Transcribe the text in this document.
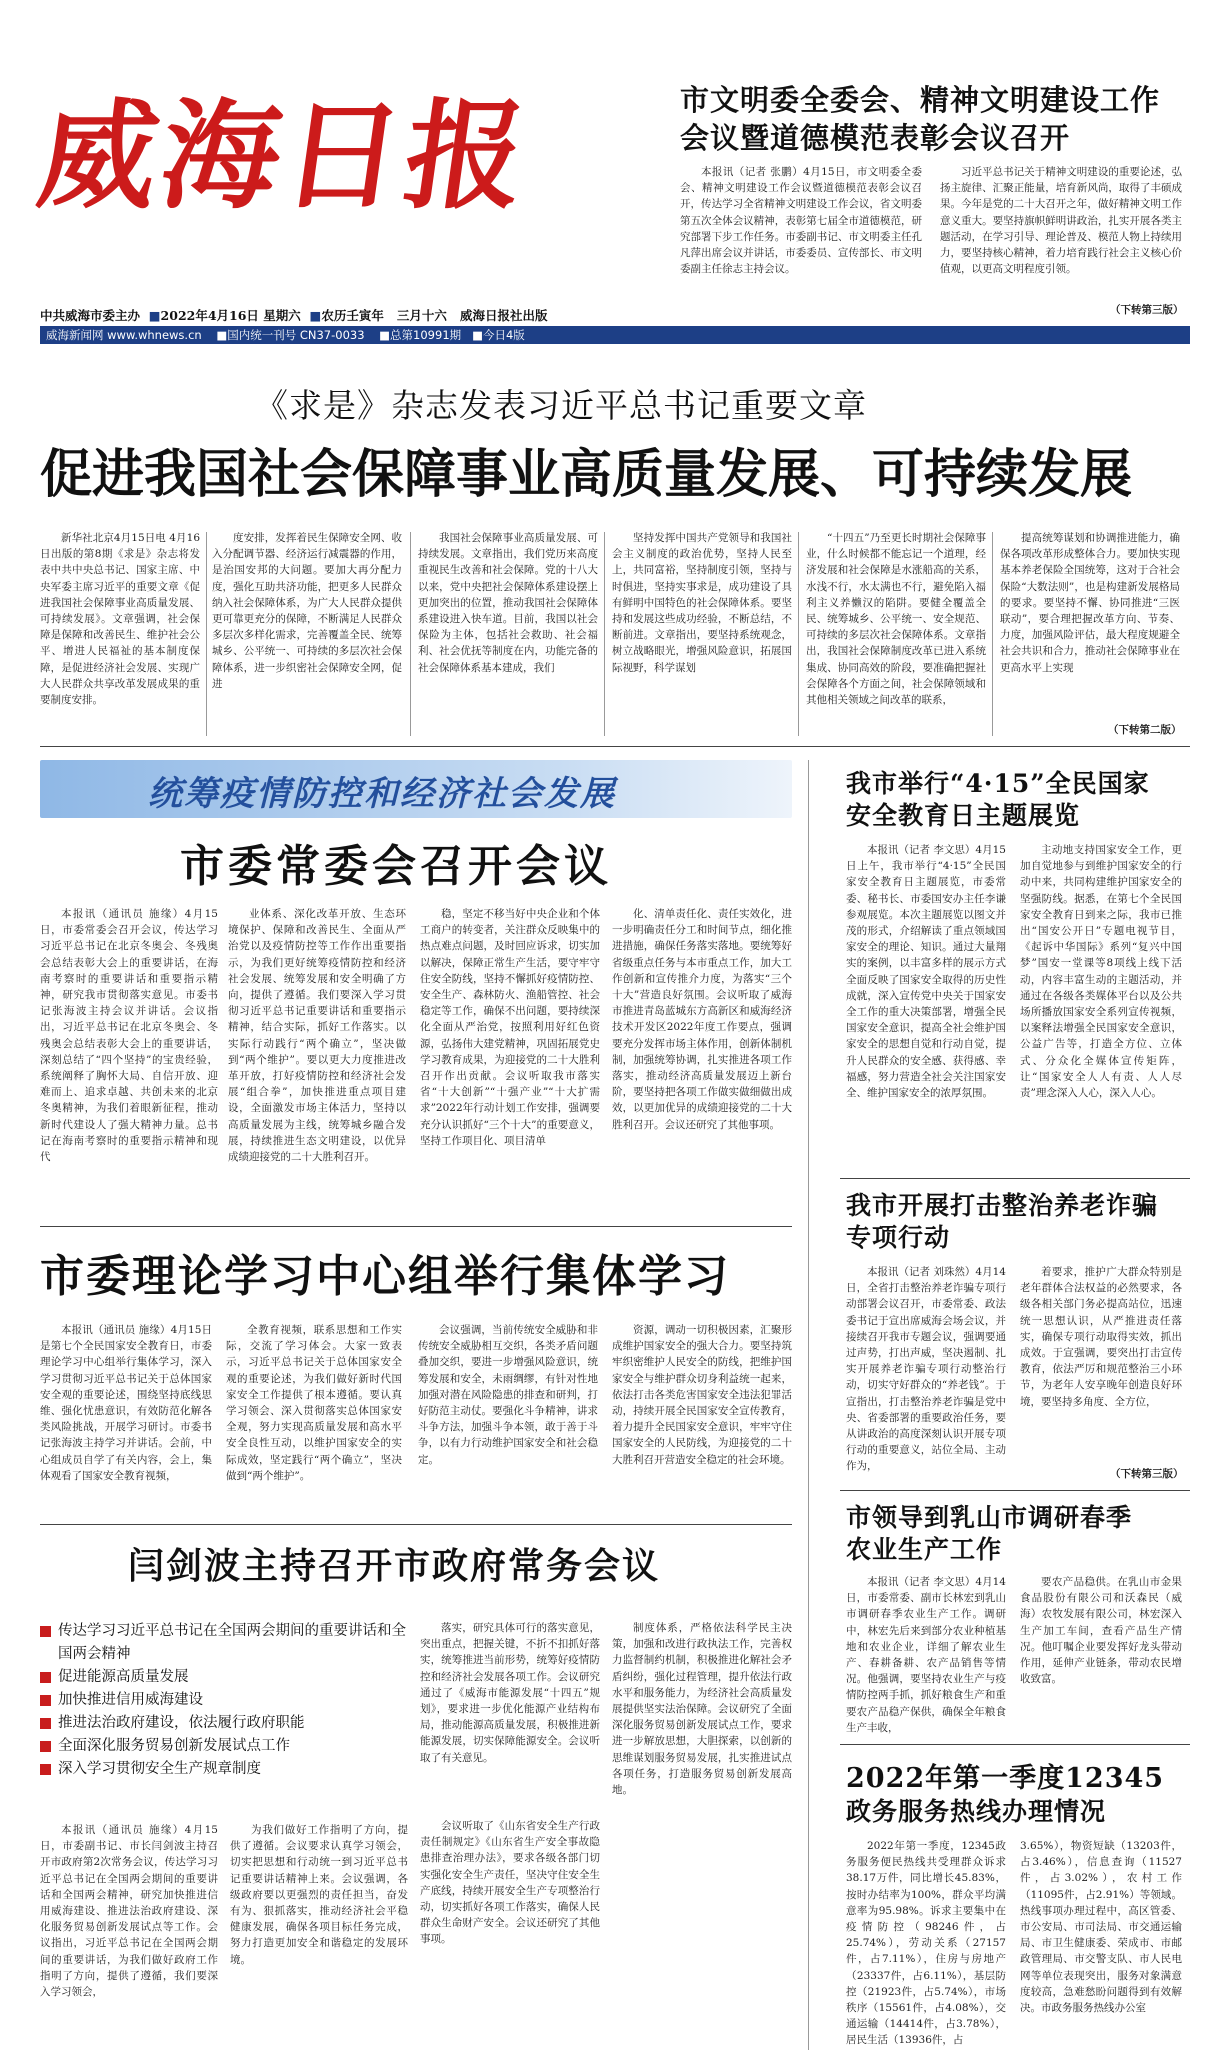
威海日报
中共威海市委主办  ■2022年4月16日 星期六  ■农历壬寅年 三月十六 威海日报社出版
威海新闻网 www.whnews.cn    ■国内统一刊号 CN37-0033    ■总第10991期   ■今日4版
市文明委全委会、精神文明建设工作
会议暨道德模范表彰会议召开

本报讯（记者 张鹏）4月15日，市文明委全委会、精神文明建设工作会议暨道德模范表彰会议召开，传达学习全省精神文明建设工作会议，省文明委第五次全体会议精神，表彰第七届全市道德模范，研究部署下步工作任务。市委副书记、市文明委主任孔凡萍出席会议并讲话，市委委员、宣传部长、市文明委副主任徐志主持会议。

习近平总书记关于精神文明建设的重要论述，弘扬主旋律、汇聚正能量，培育新风尚，取得了丰硕成果。今年是党的二十大召开之年，做好精神文明工作意义重大。要坚持旗帜鲜明讲政治，扎实开展各类主题活动，在学习引导、理论普及、模范人物上持续用力，要坚持核心精神，着力培育践行社会主义核心价值观，以更高文明程度引领。

（下转第三版）
《求是》杂志发表习近平总书记重要文章
促进我国社会保障事业高质量发展、可持续发展

新华社北京4月15日电 4月16日出版的第8期《求是》杂志将发表中共中央总书记、国家主席、中央军委主席习近平的重要文章《促进我国社会保障事业高质量发展、可持续发展》。文章强调，社会保障是保障和改善民生、维护社会公平、增进人民福祉的基本制度保障，是促进经济社会发展、实现广大人民群众共享改革发展成果的重要制度安排。

度安排，发挥着民生保障安全网、收入分配调节器、经济运行减震器的作用，是治国安邦的大问题。要加大再分配力度，强化互助共济功能，把更多人民群众纳入社会保障体系，为广大人民群众提供更可靠更充分的保障，不断满足人民群众多层次多样化需求，完善覆盖全民、统筹城乡、公平统一、可持续的多层次社会保障体系，进一步织密社会保障安全网，促进

我国社会保障事业高质量发展、可持续发展。文章指出，我们党历来高度重视民生改善和社会保障。党的十八大以来，党中央把社会保障体系建设摆上更加突出的位置，推动我国社会保障体系建设进入快车道。目前，我国以社会保险为主体，包括社会救助、社会福利、社会优抚等制度在内，功能完备的社会保障体系基本建成，我们

坚持发挥中国共产党领导和我国社会主义制度的政治优势，坚持人民至上，共同富裕，坚持制度引领，坚持与时俱进，坚持实事求是，成功建设了具有鲜明中国特色的社会保障体系。要坚持和发展这些成功经验，不断总结，不断前进。文章指出，要坚持系统观念，树立战略眼光，增强风险意识，拓展国际视野，科学谋划

“十四五”乃至更长时期社会保障事业，什么时候都不能忘记一个道理，经济发展和社会保障是水涨船高的关系，水浅不行，水太满也不行，避免陷入福利主义养懒汉的陷阱。要健全覆盖全民、统筹城乡、公平统一、安全规范、可持续的多层次社会保障体系。文章指出，我国社会保障制度改革已进入系统集成、协同高效的阶段，要准确把握社会保障各个方面之间，社会保障领域和其他相关领域之间改革的联系，

提高统筹谋划和协调推进能力，确保各项改革形成整体合力。要加快实现基本养老保险全国统筹，这对于合社会保险“大数法则”，也是构建新发展格局的要求。要坚持不懈、协同推进“三医联动”，要合理把握改革方向、节奏、力度，加强风险评估，最大程度规避全社会共识和合力，推动社会保障事业在更高水平上实现

（下转第二版）
统筹疫情防控和经济社会发展
市委常委会召开会议

本报讯（通讯员 施缘）4月15日，市委常委会召开会议，传达学习习近平总书记在北京冬奥会、冬残奥会总结表彰大会上的重要讲话，在海南考察时的重要讲话和重要指示精神，研究我市贯彻落实意见。市委书记张海波主持会议并讲话。会议指出，习近平总书记在北京冬奥会、冬残奥会总结表彰大会上的重要讲话，深刻总结了“四个坚持”的宝贵经验，系统阐释了胸怀大局、自信开放、迎难而上、追求卓越、共创未来的北京冬奥精神，为我们着眼新征程，推动新时代建设人了强大精神力量。总书记在海南考察时的重要指示精神和现代

业体系、深化改革开放、生态环境保护、保障和改善民生、全面从严治党以及疫情防控等工作作出重要指示，为我们更好统筹疫情防控和经济社会发展、统筹发展和安全明确了方向，提供了遵循。我们要深入学习贯彻习近平总书记重要讲话和重要指示精神，结合实际，抓好工作落实。以实际行动践行“两个确立”，坚决做到“两个维护”。要以更大力度推进改革开放，打好疫情防控和经济社会发展“组合拳”，加快推进重点项目建设，全面激发市场主体活力，坚持以高质量发展为主线，统筹城乡融合发展，持续推进生态文明建设，以优异成绩迎接党的二十大胜利召开。

稳，坚定不移当好中央企业和个体工商户的转变者，关注群众反映集中的热点难点问题，及时回应诉求，切实加以解决，保障正常生产生活，要守牢守住安全防线，坚持不懈抓好疫情防控、安全生产、森林防火、渔船管控、社会稳定等工作，确保不出问题，要持续深化全面从严治党，按照利用好红色资源，弘扬伟大建党精神，巩固拓展党史学习教育成果，为迎接党的二十大胜利召开作出贡献。会议听取我市落实省“十大创新”“十强产业”“十大扩需求”2022年行动计划工作安排，强调要充分认识抓好“三个十大”的重要意义，坚持工作项目化、项目清单

化、清单责任化、责任实效化，进一步明确责任分工和时间节点，细化推进措施，确保任务落实落地。要统筹好省级重点任务与本市重点工作，加大工作创新和宣传推介力度，为落实“三个十大”营造良好氛围。会议听取了威海市推进青岛蓝城东方高新区和威海经济技术开发区2022年度工作要点，强调要充分发挥市场主体作用，创新体制机制，加强统筹协调，扎实推进各项工作落实，推动经济高质量发展迈上新台阶，要坚持把各项工作做实做细做出成效，以更加优异的成绩迎接党的二十大胜利召开。会议还研究了其他事项。

我市举行“4·15”全民国家
安全教育日主题展览

本报讯（记者 李文思）4月15日上午，我市举行“4·15”全民国家安全教育日主题展览，市委常委、秘书长、市委国安办主任李谦参观展览。本次主题展览以图文并茂的形式，介绍解读了重点领域国家安全的理论、知识。通过大量翔实的案例，以丰富多样的展示方式全面反映了国家安全取得的历史性成就，深入宣传党中央关于国家安全工作的重大决策部署，增强全民国家安全意识，提高全社会维护国家安全的思想自觉和行动自觉，提升人民群众的安全感、获得感、幸福感，努力营造全社会关注国家安全、维护国家安全的浓厚氛围。

主动地支持国家安全工作，更加自觉地参与到维护国家安全的行动中来，共同构建维护国家安全的坚强防线。据悉，在第七个全民国家安全教育日到来之际，我市已推出“国安公开日”专题电视节目，《起诉中华国际》系列“复兴中国梦”国安一堂课等8项线上线下活动，内容丰富生动的主题活动，并通过在各级各类媒体平台以及公共场所播放国家安全系列宣传视频，以案释法增强全民国家安全意识，公益广告等，打造全方位、立体式、分众化全媒体宣传矩阵，让“国家安全人人有责、人人尽责”理念深入人心，深入人心。

市委理论学习中心组举行集体学习

本报讯（通讯员 施缘）4月15日是第七个全民国家安全教育日，市委理论学习中心组举行集体学习，深入学习贯彻习近平总书记关于总体国家安全观的重要论述，围绕坚持底线思维、强化忧患意识，有效防范化解各类风险挑战，开展学习研讨。市委书记张海波主持学习并讲话。会前，中心组成员自学了有关内容，会上，集体观看了国家安全教育视频，

全教育视频，联系思想和工作实际，交流了学习体会。大家一致表示，习近平总书记关于总体国家安全观的重要论述，为我们做好新时代国家安全工作提供了根本遵循。要认真学习领会、深入贯彻落实总体国家安全观，努力实现高质量发展和高水平安全良性互动，以维护国家安全的实际成效，坚定践行“两个确立”，坚决做到“两个维护”。

会议强调，当前传统安全威胁和非传统安全威胁相互交织，各类矛盾问题叠加交织，要进一步增强风险意识，统筹发展和安全，未雨绸缪，有针对性地加强对潜在风险隐患的排查和研判，打好防范主动仗。要强化斗争精神，讲求斗争方法，加强斗争本领，敢于善于斗争，以有力行动维护国家安全和社会稳定。

资源，调动一切积极因素，汇聚形成维护国家安全的强大合力。要坚持筑牢织密维护人民安全的防线，把维护国家安全与维护群众切身利益统一起来，依法打击各类危害国家安全违法犯罪活动，持续开展全民国家安全宣传教育，着力提升全民国家安全意识，牢牢守住国家安全的人民防线，为迎接党的二十大胜利召开营造安全稳定的社会环境。

我市开展打击整治养老诈骗
专项行动

本报讯（记者 刘珠然）4月14日，全省打击整治养老诈骗专项行动部署会议召开，市委常委、政法委书记于宣出席威海会场会议，并接续召开我市专题会议，强调要通过声势，打出声威，坚决遏制、扎实开展养老诈骗专项行动整治行动，切实守好群众的“养老钱”。于宣指出，打击整治养老诈骗是党中央、省委部署的重要政治任务，要从讲政治的高度深刻认识开展专项行动的重要意义，站位全局、主动作为，

着要求，推护广大群众特别是老年群体合法权益的必然要求，各级各相关部门务必提高站位，迅速统一思想认识，从严推进责任落实，确保专项行动取得实效，抓出成效。于宣强调，要突出打击宣传教育，依法严厉和规范整治三小环节，为老年人安享晚年创造良好环境，要坚持多角度、全方位，

（下转第三版）
市领导到乳山市调研春季
农业生产工作

本报讯（记者 李文思）4月14日，市委常委、副市长林宏到乳山市调研春季农业生产工作。调研中，林宏先后来到部分农业种植基地和农业企业，详细了解农业生产、春耕备耕、农产品销售等情况。他强调，要坚持农业生产与疫情防控两手抓，抓好粮食生产和重要农产品稳产保供，确保全年粮食生产丰收，

要农产品稳供。在乳山市金果食品股份有限公司和沃森民（威海）农牧发展有限公司，林宏深入生产加工车间，查看产品生产情况。他叮嘱企业要发挥好龙头带动作用，延伸产业链条，带动农民增收致富。

闫剑波主持召开市政府常务会议
传达学习习近平总书记在全国两会期间的重要讲话和全国两会精神
促进能源高质量发展
加快推进信用威海建设
推进法治政府建设，依法履行政府职能
全面深化服务贸易创新发展试点工作
深入学习贯彻安全生产规章制度

本报讯（通讯员 施缘）4月15日，市委副书记、市长闫剑波主持召开市政府第2次常务会议，传达学习习近平总书记在全国两会期间的重要讲话和全国两会精神，研究加快推进信用威海建设、推进法治政府建设、深化服务贸易创新发展试点等工作。会议指出，习近平总书记在全国两会期间的重要讲话，为我们做好政府工作指明了方向，提供了遵循，我们要深入学习领会，

为我们做好工作指明了方向，提供了遵循。会议要求认真学习领会，切实把思想和行动统一到习近平总书记重要讲话精神上来。会议强调，各级政府要以更强烈的责任担当，奋发有为、狠抓落实，推动经济社会平稳健康发展，确保各项目标任务完成，努力打造更加安全和谐稳定的发展环境。

落实，研究具体可行的落实意见，突出重点，把握关键，不折不扣抓好落实，统筹推进当前形势，统筹好疫情防控和经济社会发展各项工作。会议研究通过了《威海市能源发展“十四五”规划》，要求进一步优化能源产业结构布局，推动能源高质量发展，积极推进新能源发展，切实保障能源安全。会议听取了有关意见。

制度体系，严格依法科学民主决策，加强和改进行政执法工作，完善权力监督制约机制，积极推进化解社会矛盾纠纷，强化过程管理，提升依法行政水平和服务能力，为经济社会高质量发展提供坚实法治保障。会议研究了全面深化服务贸易创新发展试点工作，要求进一步解放思想，大胆探索，以创新的思维谋划服务贸易发展，扎实推进试点各项任务，打造服务贸易创新发展高地。

会议听取了《山东省安全生产行政责任制规定》《山东省生产安全事故隐患排查治理办法》，要求各级各部门切实强化安全生产责任，坚决守住安全生产底线，持续开展安全生产专项整治行动，切实抓好各项工作落实，确保人民群众生命财产安全。会议还研究了其他事项。

2022年第一季度12345
政务服务热线办理情况

2022年第一季度，12345政务服务便民热线共受理群众诉求38.17万件，同比增长45.83%，按时办结率为100%，群众平均满意率为95.98%。诉求主要集中在疫情防控（98246件，占25.74%），劳动关系（27157件，占7.11%），住房与房地产（23337件，占6.11%），基层防控（21923件，占5.74%），市场秩序（15561件，占4.08%），交通运输（14414件，占3.78%），居民生活（13936件，占

3.65%），物资短缺（13203件，占3.46%），信息查询（11527件，占3.02%），农村工作（11095件，占2.91%）等领域。热线事项办理过程中，高区管委、市公安局、市司法局、市交通运输局、市卫生健康委、荣成市、市邮政管理局、市交警支队、市人民电网等单位表现突出，服务对象满意度较高，急难愁盼问题得到有效解决。市政务服务热线办公室
